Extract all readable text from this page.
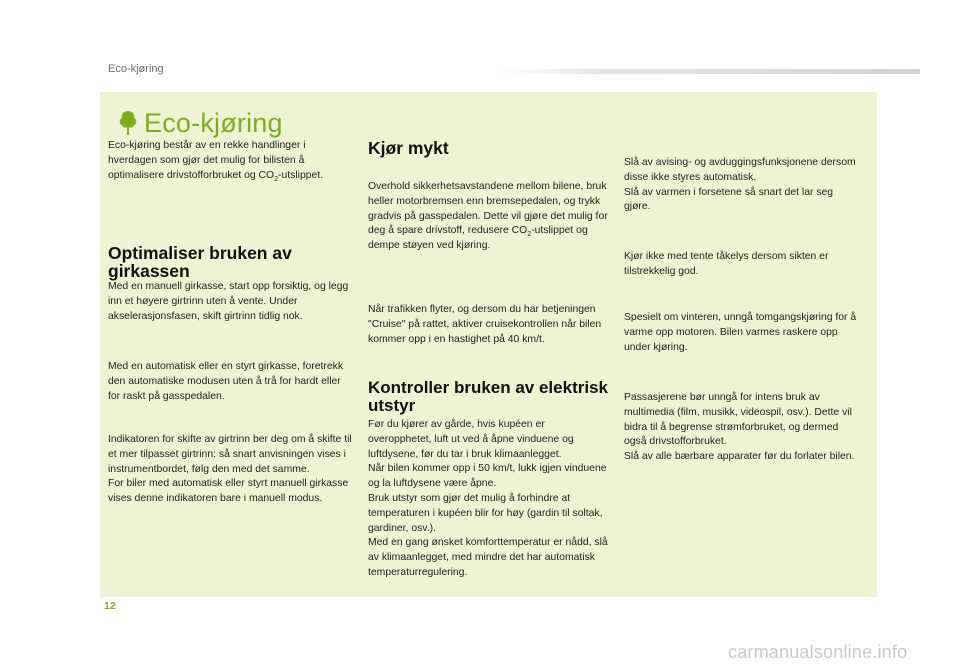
Eco-kjøring
Eco-kjøring

Eco-kjøring består av en rekke handlinger i hverdagen som gjør det mulig for bilisten å optimalisere drivstofforbruket og $CO_2$-utslippet.

Optimaliser bruken av girkassen

Med en manuell girkasse, start opp forsiktig, og legg inn et høyere girtrinn uten å vente. Under akselerasjonsfasen, skift girtrinn tidlig nok.

Med en automatisk eller en styrt girkasse, foretrekk den automatiske modusen uten å trå for hardt eller for raskt på gasspedalen.

Indikatoren for skifte av girtrinn ber deg om å skifte til et mer tilpasset girtrinn: så snart anvisningen vises i instrumentbordet, følg den med det samme.

For biler med automatisk eller styrt manuell girkasse vises denne indikatoren bare i manuell modus.

Kjør mykt

Overhold sikkerhetsavstandene mellom bilene, bruk heller motorbremsen enn bremsepedalen, og trykk gradvis på gasspedalen. Dette vil gjøre det mulig for deg å spare drivstoff, redusere $CO_2$-utslippet og dempe støyen ved kjøring.

Når trafikken flyter, og dersom du har betjeningen "Cruise" på rattet, aktiver cruisekontrollen når bilen kommer opp i en hastighet på 40 km/t.

Kontroller bruken av elektrisk utstyr

Før du kjører av gårde, hvis kupéen er overopphetet, luft ut ved å åpne vinduene og luftdysene, før du tar i bruk klimaanlegget.

Når bilen kommer opp i 50 km/t, lukk igjen vinduene og la luftdysene være åpne.

Bruk utstyr som gjør det mulig å forhindre at temperaturen i kupéen blir for høy (gardin til soltak, gardiner, osv.).

Med en gang ønsket komforttemperatur er nådd, slå av klimaanlegget, med mindre det har automatisk temperaturregulering.

Slå av avising- og avduggingsfunksjonene dersom disse ikke styres automatisk.

Slå av varmen i forsetene så snart det lar seg gjøre.

Kjør ikke med tente tåkelys dersom sikten er tilstrekkelig god.

Spesielt om vinteren, unngå tomgangskjøring for å varme opp motoren. Bilen varmes raskere opp under kjøring.

Passasjerene bør unngå for intens bruk av multimedia (film, musikk, videospil, osv.). Dette vil bidra til å begrense strømforbruket, og dermed også drivstofforbruket.

Slå av alle bærbare apparater før du forlater bilen.

12
carmanualsonline.info
